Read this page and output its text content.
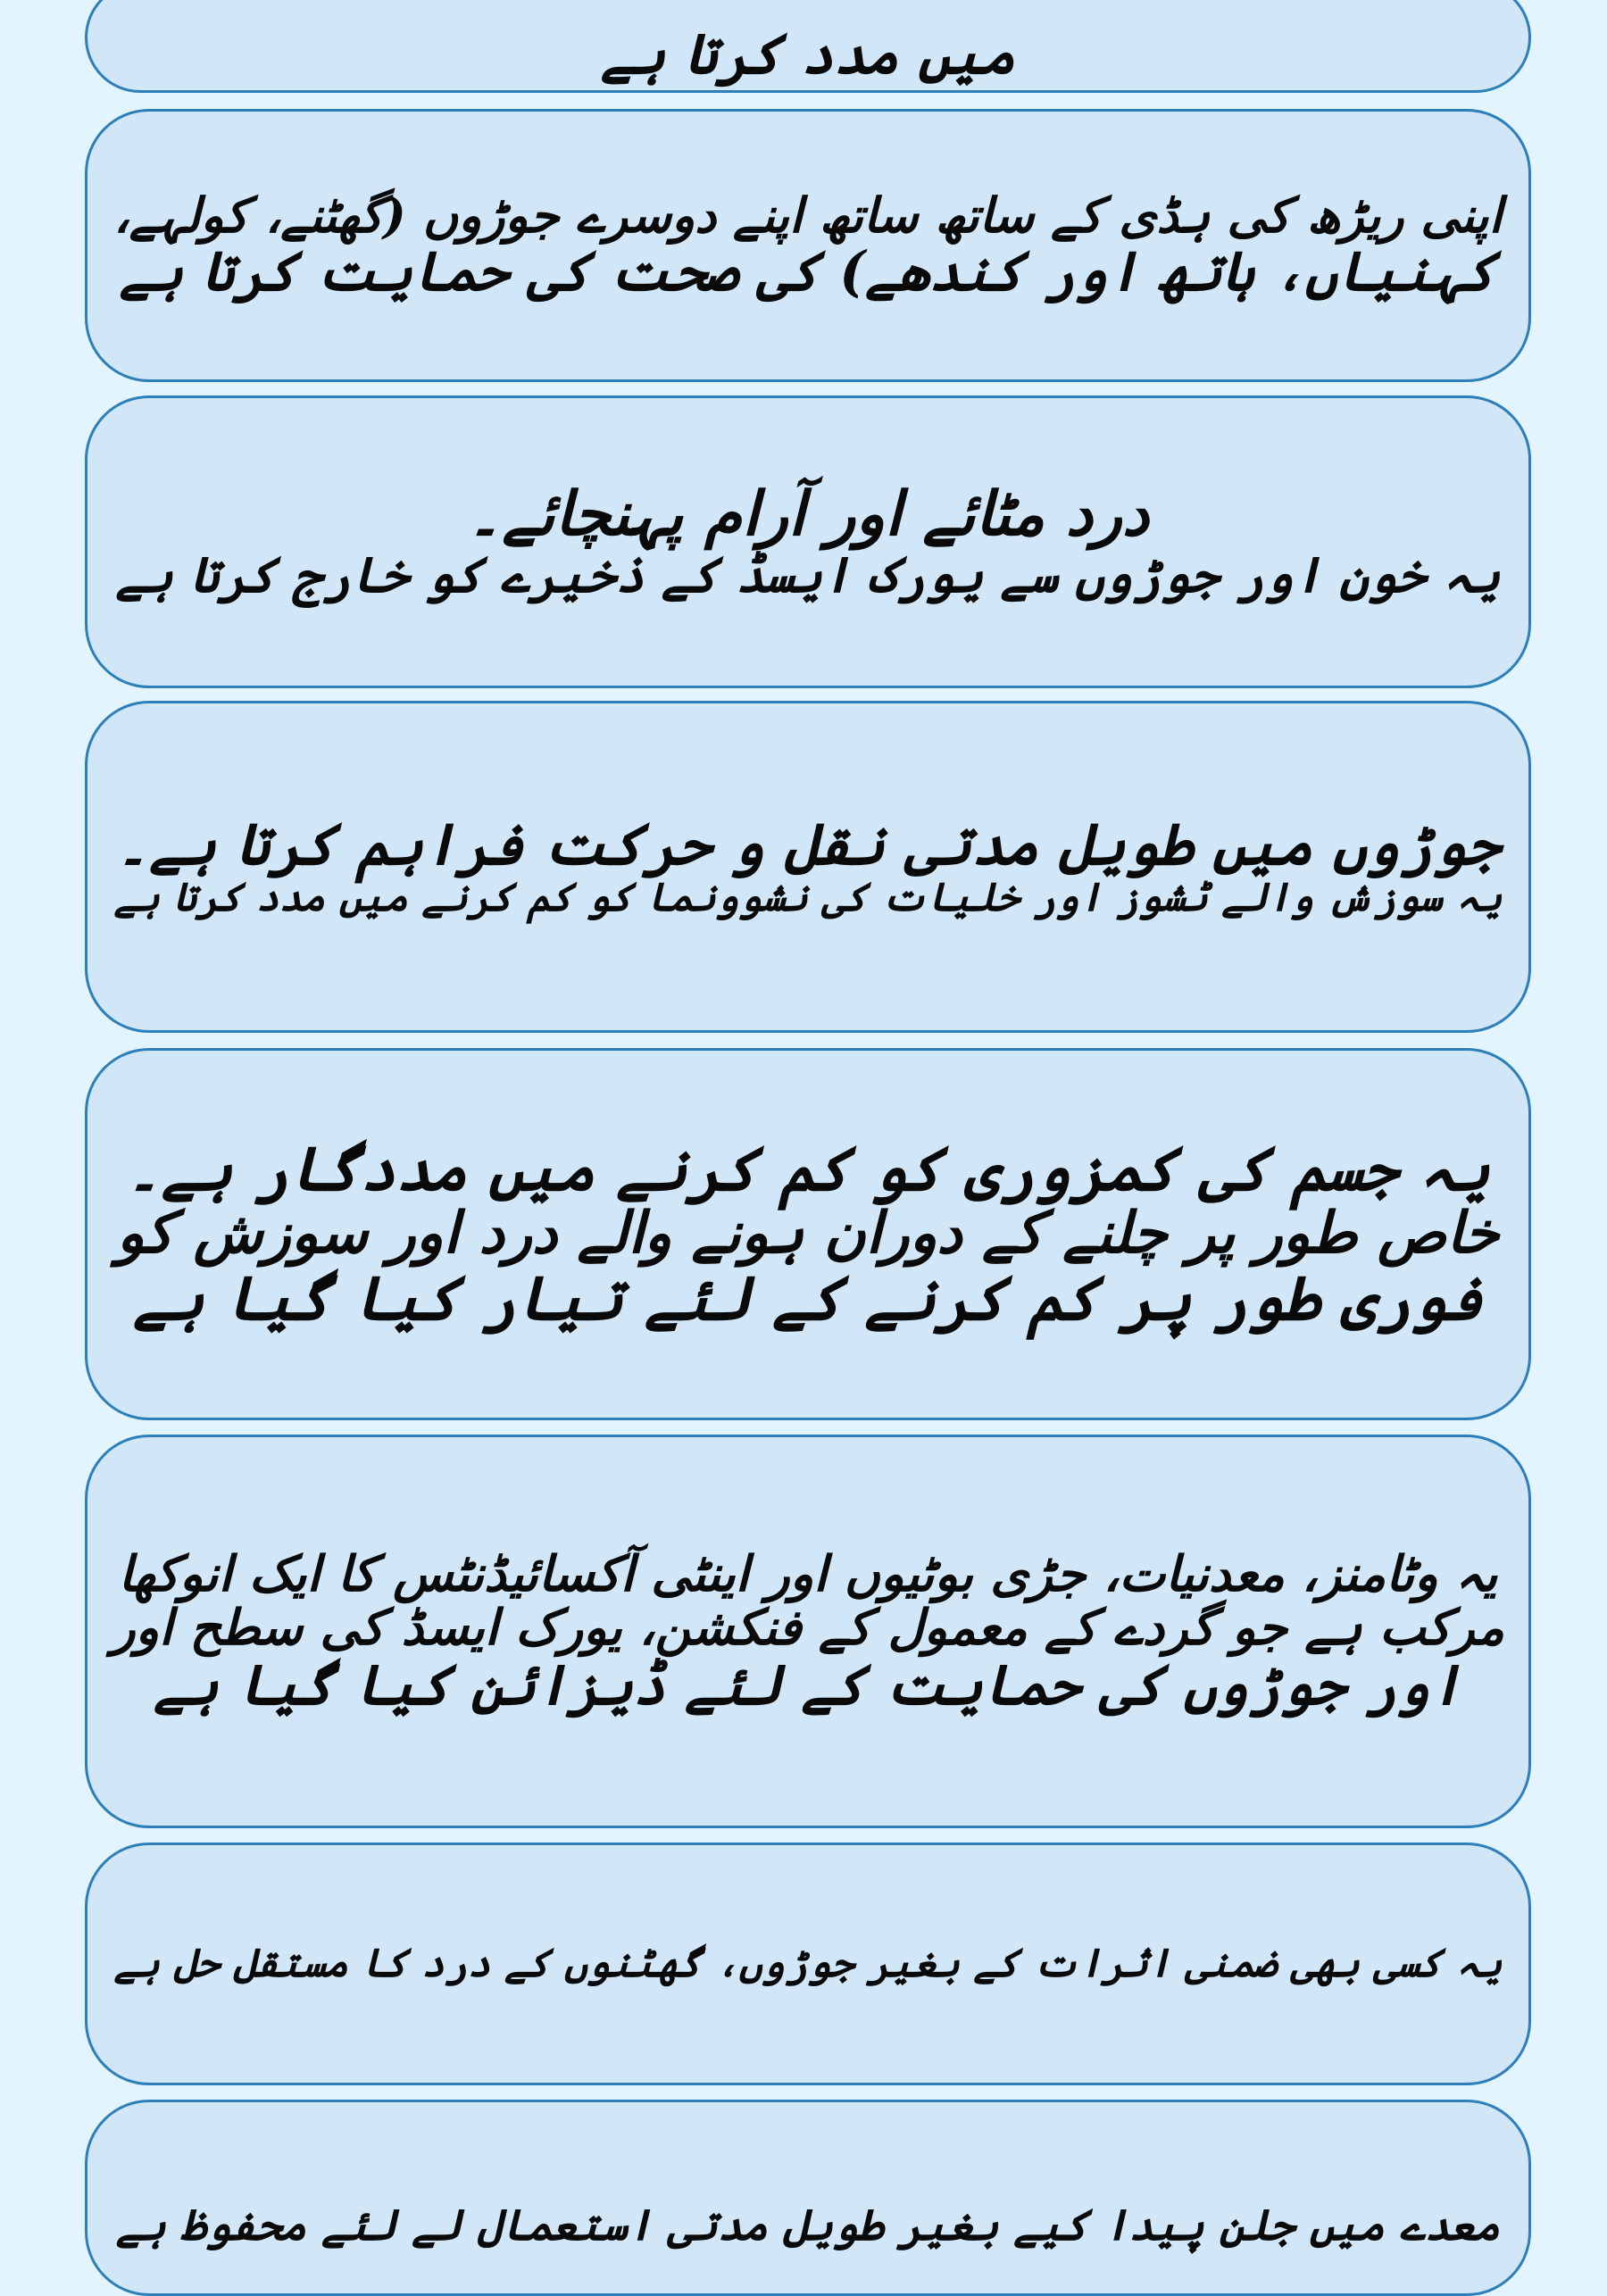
میں مدد کرتا ہے
اپنی ریڑھ کی ہڈی کے ساتھ ساتھ اپنے دوسرے جوڑوں (گھٹنے، کولہے،
کہنیاں، ہاتھ اور کندھے) کی صحت کی حمایت کرتا ہے
درد مٹائے اور آرام پہنچائے۔
یہ خون اور جوڑوں سے یورک ایسڈ کے ذخیرے کو خارج کرتا ہے
جوڑوں میں طویل مدتی نقل و حرکت فراہم کرتا ہے۔
یہ سوزش والے ٹشوز اور خلیات کی نشوونما کو کم کرنے میں مدد کرتا ہے
یہ جسم کی کمزوری کو کم کرنے میں مددگار ہے۔
خاص طور پر چلنے کے دوران ہونے والے درد اور سوزش کو
فوری طور پر کم کرنے کے لئے تیار کیا گیا ہے
یہ وٹامنز، معدنیات، جڑی بوٹیوں اور اینٹی آکسائیڈنٹس کا ایک انوکھا
مرکب ہے جو گردے کے معمول کے فنکشن، یورک ایسڈ کی سطح اور
اور جوڑوں کی حمایت کے لئے ڈیزائن کیا گیا ہے
یہ کسی بھی ضمنی اثرات کے بغیر جوڑوں، گھٹنوں کے درد کا مستقل حل ہے
معدے میں جلن پیدا کیے بغیر طویل مدتی استعمال لے لئے محفوظ ہے
